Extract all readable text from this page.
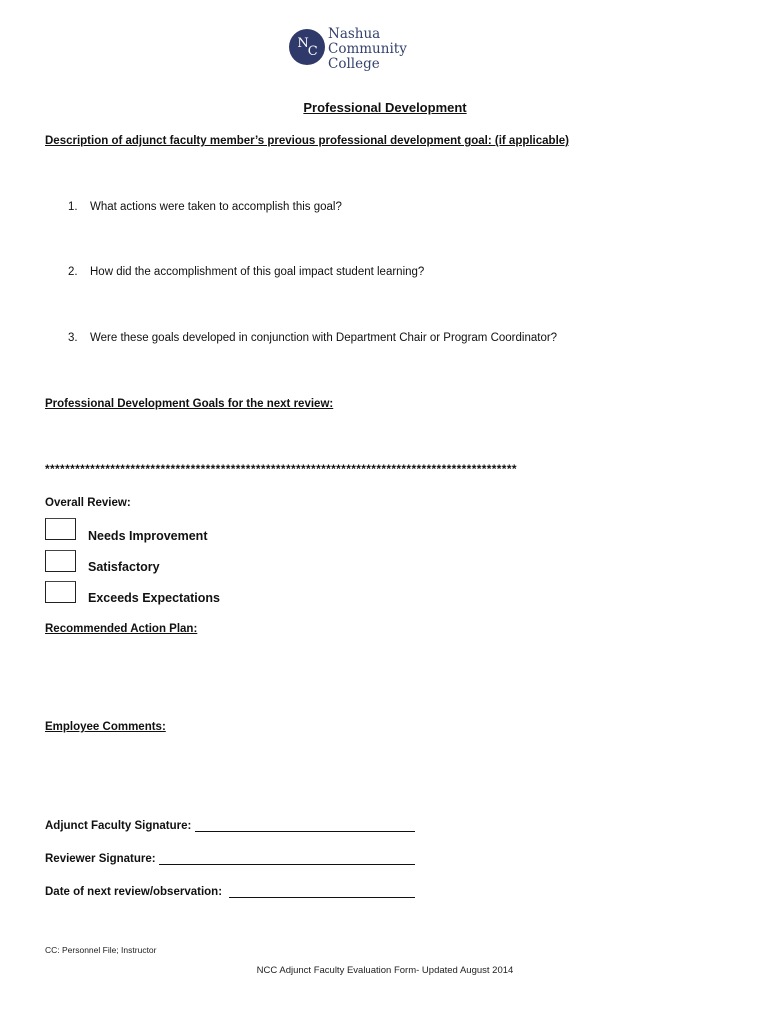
N
C
Nashua
Community
College
Professional Development
Description of adjunct faculty member’s previous professional development goal: (if applicable)
1. What actions were taken to accomplish this goal?
2. How did the accomplishment of this goal impact student learning?
3. Were these goals developed in conjunction with Department Chair or Program Coordinator?
Professional Development Goals for the next review:
**********************************************************************************************
Overall Review:
Needs Improvement
Satisfactory
Exceeds Expectations
Recommended Action Plan:
Employee Comments:
Adjunct Faculty Signature:
Reviewer Signature:
Date of next review/observation:
CC: Personnel File; Instructor
NCC Adjunct Faculty Evaluation Form- Updated August 2014
